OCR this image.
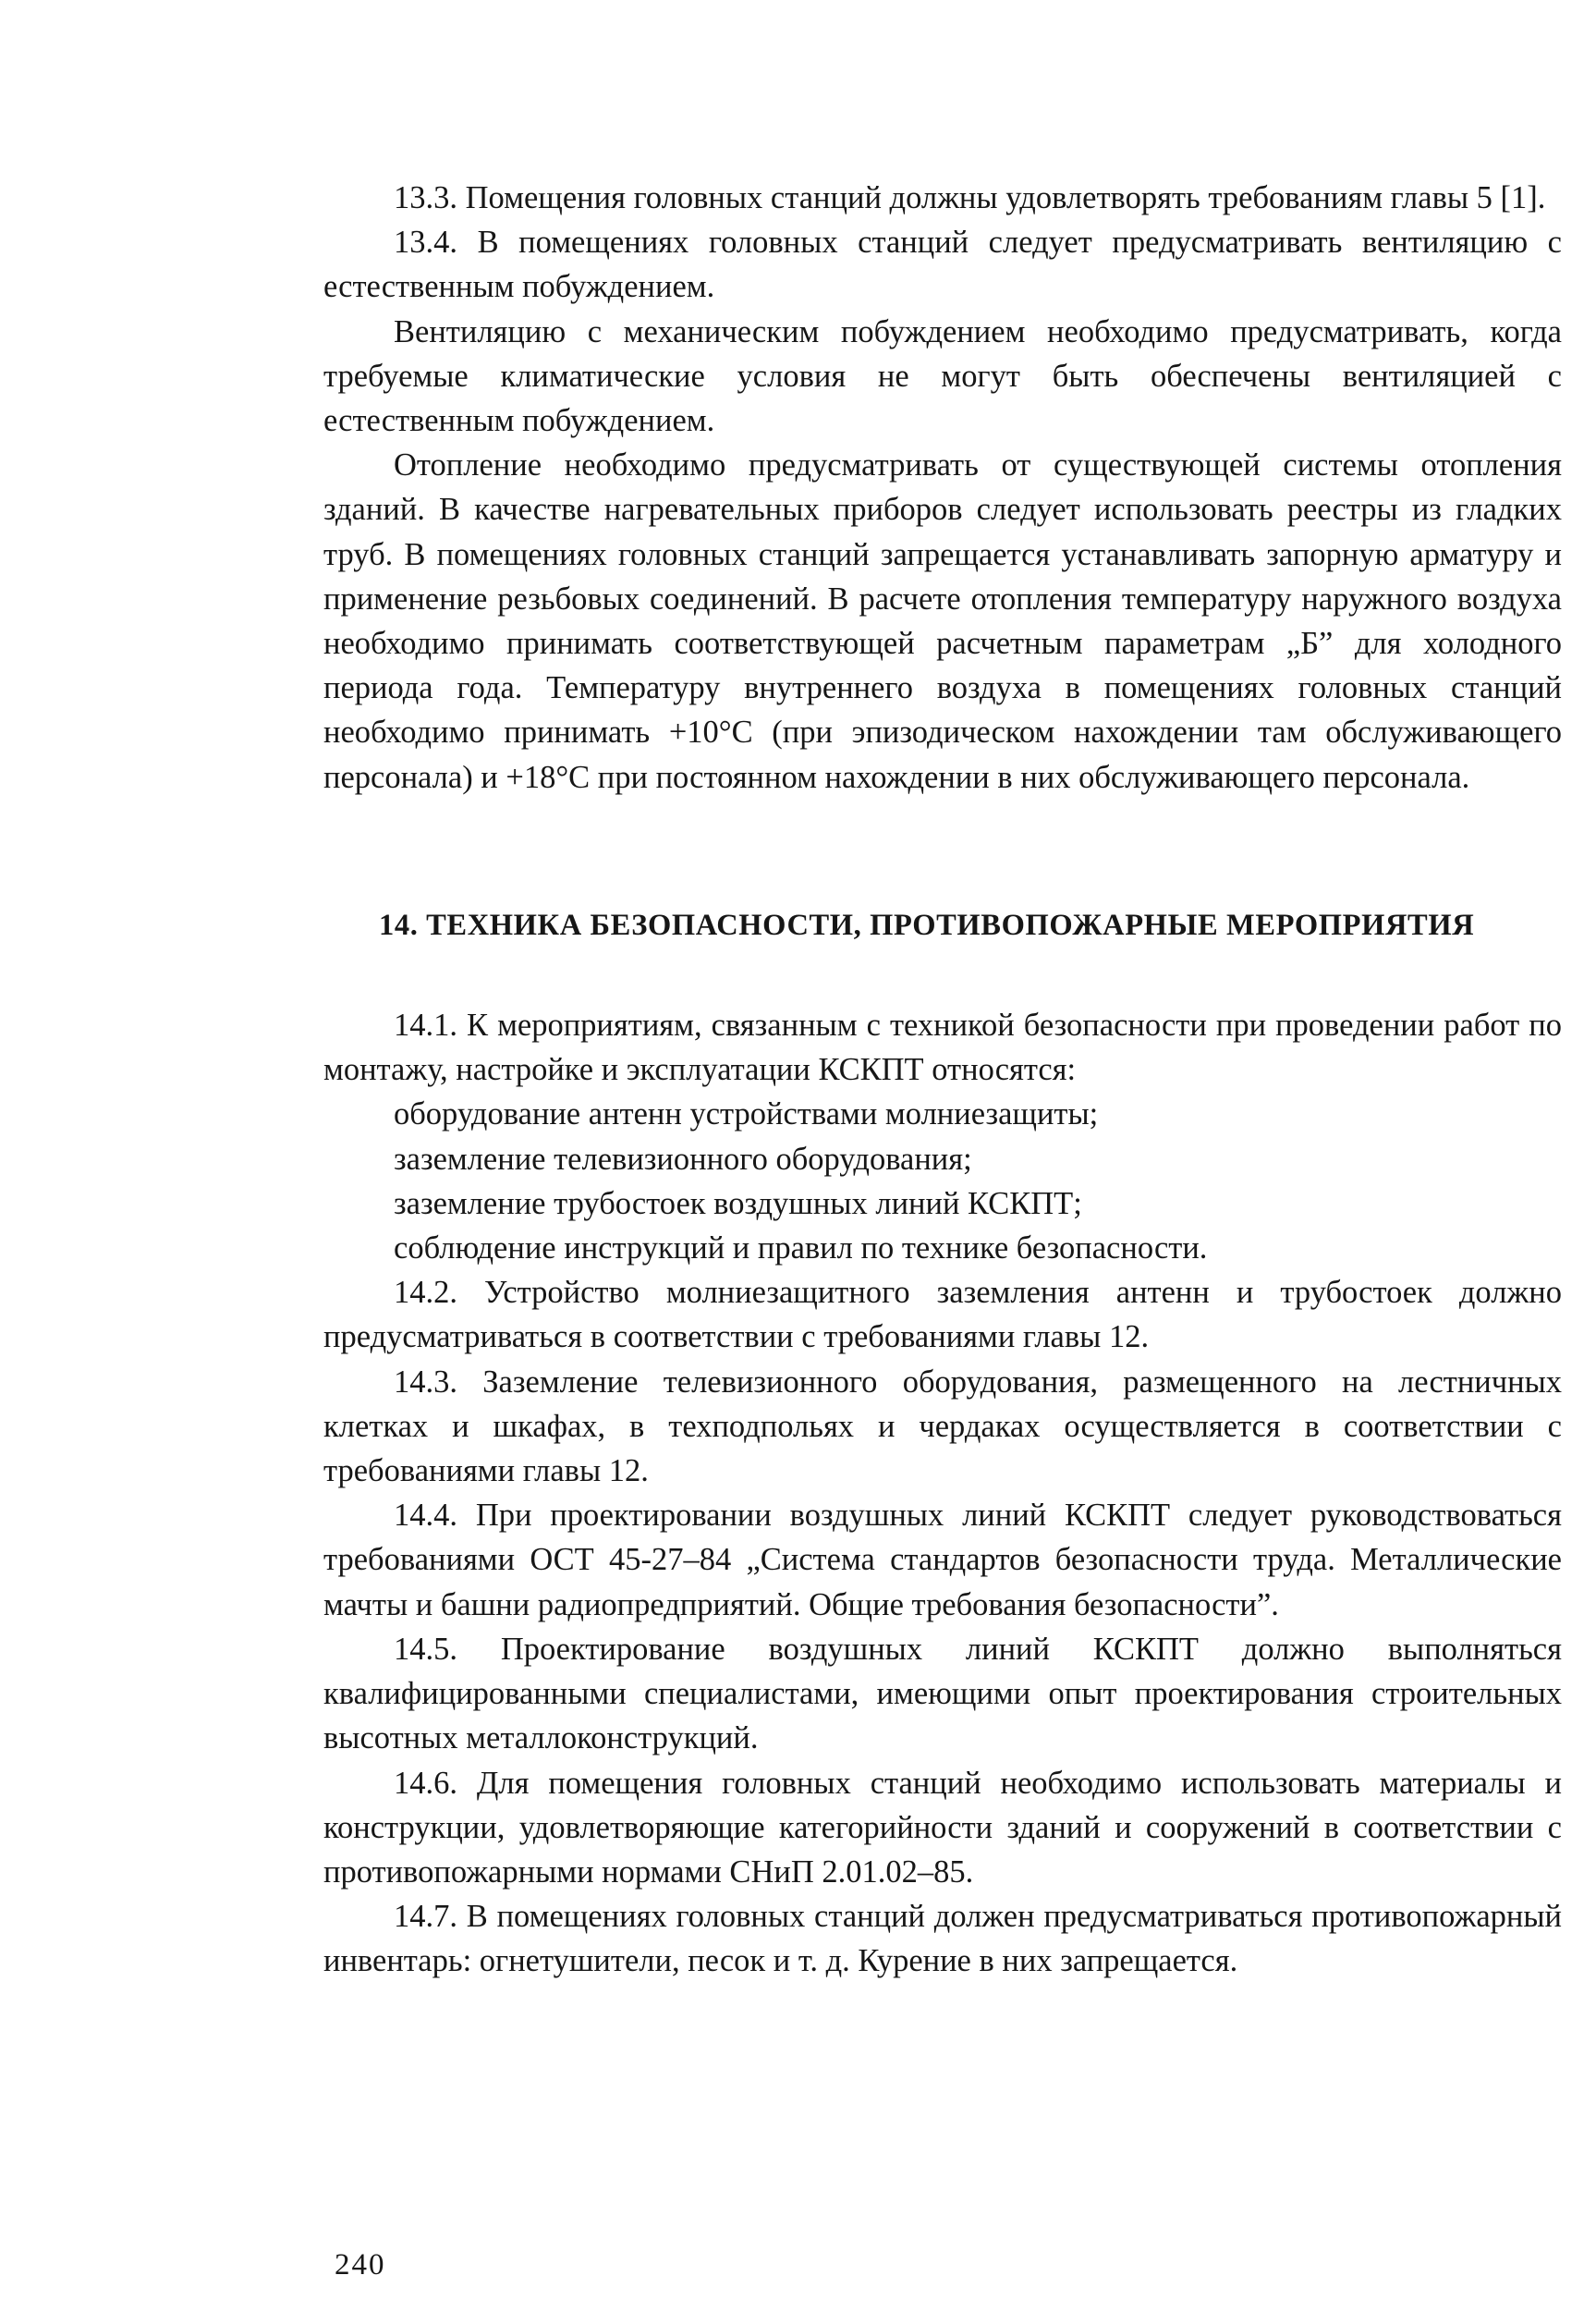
13.3. Помещения головных станций должны удовлетворять требованиям главы 5 [1].

13.4. В помещениях головных станций следует предусматривать вентиляцию с естественным побуждением.

Вентиляцию с механическим побуждением необходимо предусматривать, когда требуемые климатические условия не могут быть обеспечены вентиляцией с естественным побуждением.

Отопление необходимо предусматривать от существующей системы отопления зданий. В качестве нагревательных приборов следует использовать реестры из гладких труб. В помещениях головных станций запрещается устанавливать запорную арматуру и применение резьбовых соединений. В расчете отопления температуру наружного воздуха необходимо принимать соответствующей расчетным параметрам „Б” для холодного периода года. Температуру внутреннего воздуха в помещениях головных станций необходимо принимать +10°С (при эпизодическом нахождении там обслуживающего персонала) и +18°С при постоянном нахождении в них обслуживающего персонала.

14. ТЕХНИКА БЕЗОПАСНОСТИ, ПРОТИВОПОЖАРНЫЕ МЕРОПРИЯТИЯ

14.1. К мероприятиям, связанным с техникой безопасности при проведении работ по монтажу, настройке и эксплуатации КСКПТ относятся:

оборудование антенн устройствами молниезащиты;
заземление телевизионного оборудования;
заземление трубостоек воздушных линий КСКПТ;
соблюдение инструкций и правил по технике безопасности.

14.2. Устройство молниезащитного заземления антенн и трубостоек должно предусматриваться в соответствии с требованиями главы 12.

14.3. Заземление телевизионного оборудования, размещенного на лестничных клетках и шкафах, в техподпольях и чердаках осуществляется в соответствии с требованиями главы 12.

14.4. При проектировании воздушных линий КСКПТ следует руководствоваться требованиями ОСТ 45-27–84 „Система стандартов безопасности труда. Металлические мачты и башни радиопредприятий. Общие требования безопасности”.

14.5. Проектирование воздушных линий КСКПТ должно выполняться квалифицированными специалистами, имеющими опыт проектирования строительных высотных металлоконструкций.

14.6. Для помещения головных станций необходимо использовать материалы и конструкции, удовлетворяющие категорийности зданий и сооружений в соответствии с противопожарными нормами СНиП 2.01.02–85.

14.7. В помещениях головных станций должен предусматриваться противопожарный инвентарь: огнетушители, песок и т. д. Курение в них запрещается.

240
